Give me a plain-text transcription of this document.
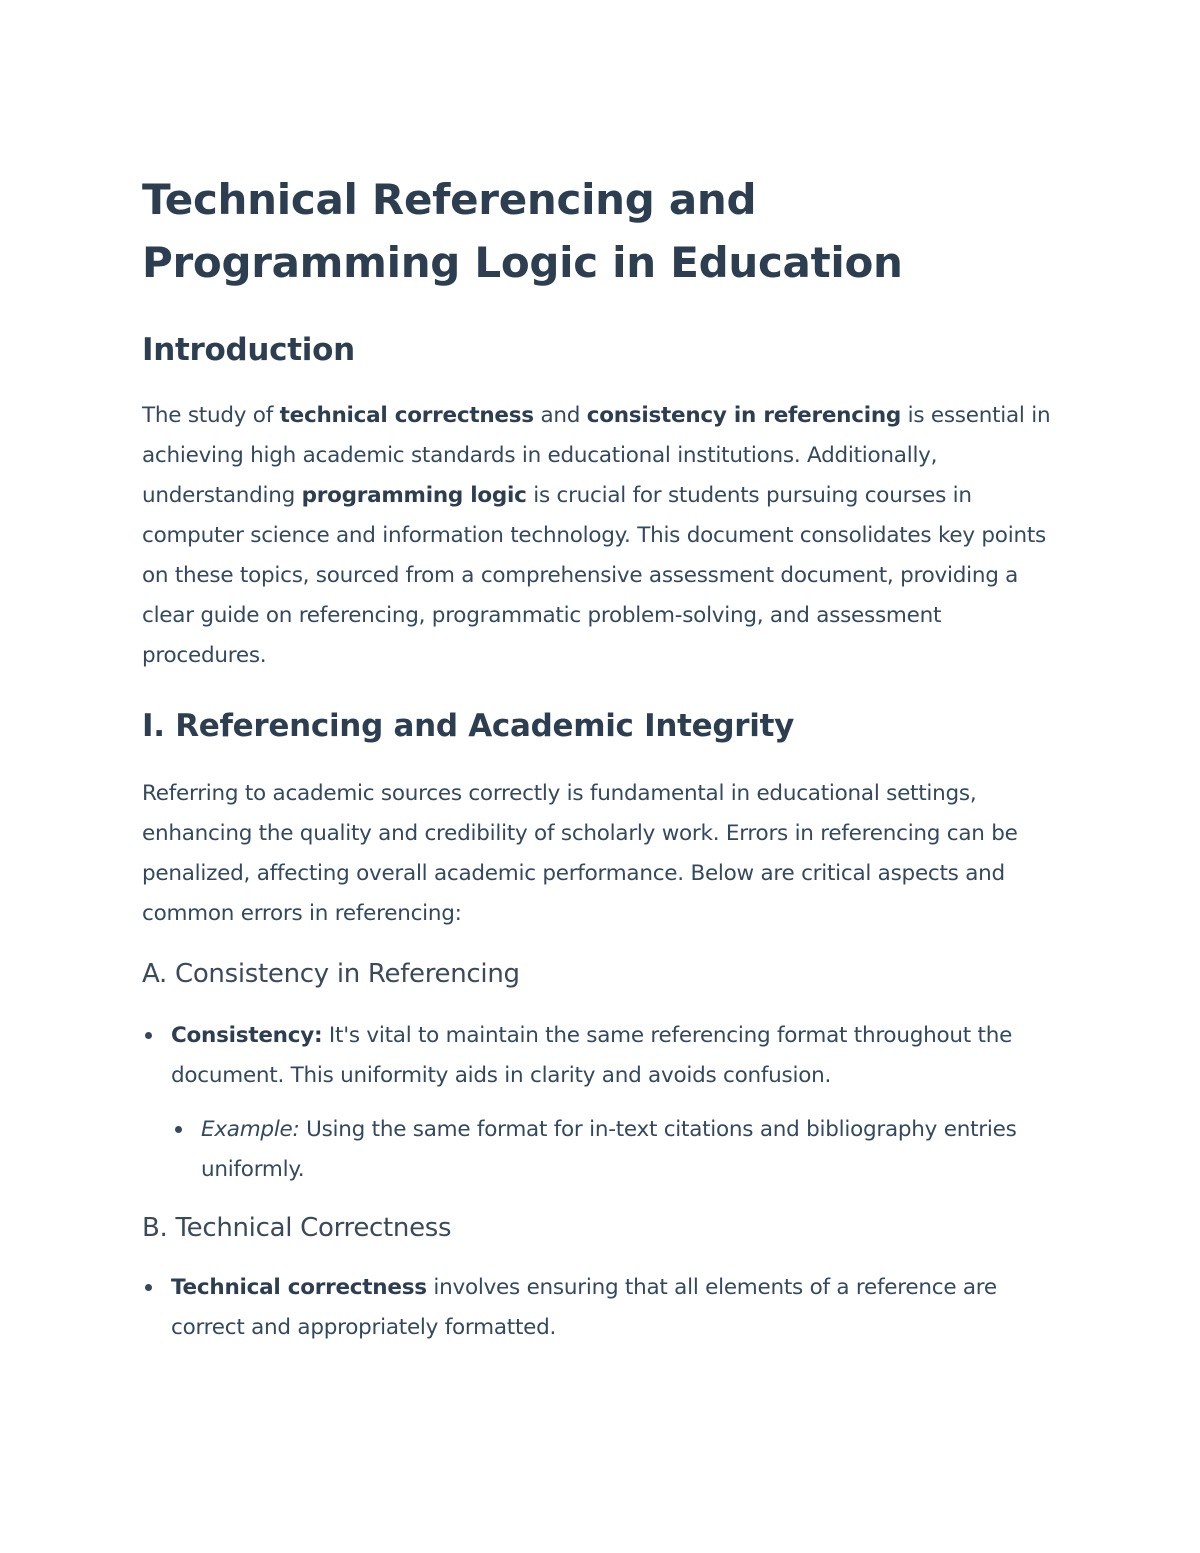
Technical Referencing and Programming Logic in Education
Introduction

The study of technical correctness and consistency in referencing is essential in achieving high academic standards in educational institutions. Additionally, understanding programming logic is crucial for students pursuing courses in computer science and information technology. This document consolidates key points on these topics, sourced from a comprehensive assessment document, providing a clear guide on referencing, programmatic problem-solving, and assessment procedures.

I. Referencing and Academic Integrity

Referring to academic sources correctly is fundamental in educational settings, enhancing the quality and credibility of scholarly work. Errors in referencing can be penalized, affecting overall academic performance. Below are critical aspects and common errors in referencing:

A. Consistency in Referencing
Consistency: It's vital to maintain the same referencing format throughout the document. This uniformity aids in clarity and avoids confusion.
Example: Using the same format for in-text citations and bibliography entries uniformly.
B. Technical Correctness
Technical correctness involves ensuring that all elements of a reference are correct and appropriately formatted.
